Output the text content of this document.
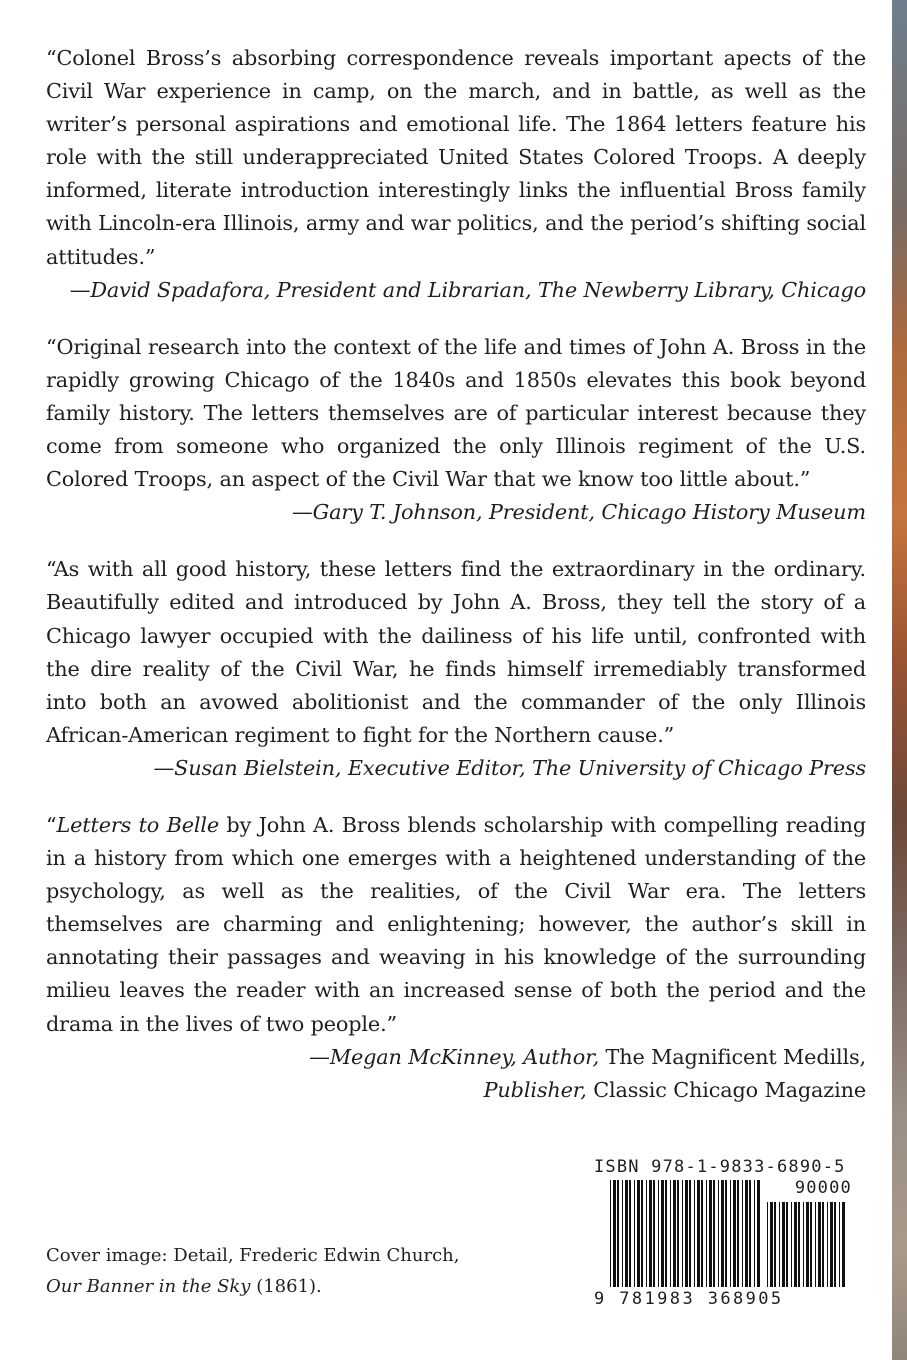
“Colonel Bross’s absorbing correspondence reveals important apects of the Civil War experience in camp, on the march, and in battle, as well as the writer’s personal aspirations and emotional life. The 1864 letters feature his role with the still underappreciated United States Colored Troops. A deeply informed, literate introduction interestingly links the influential Bross family with Lincoln-era Illinois, army and war politics, and the period’s shifting social attitudes.”

—David Spadafora, President and Librarian, The Newberry Library, Chicago

“Original research into the context of the life and times of John A. Bross in the rapidly growing Chicago of the 1840s and 1850s elevates this book beyond family history. The letters themselves are of particular interest because they come from someone who organized the only Illinois regiment of the U.S. Colored Troops, an aspect of the Civil War that we know too little about.”

—Gary T. Johnson, President, Chicago History Museum

“As with all good history, these letters find the extraordinary in the ordinary. Beautifully edited and introduced by John A. Bross, they tell the story of a Chicago lawyer occupied with the dailiness of his life until, confronted with the dire reality of the Civil War, he finds himself irremediably transformed into both an avowed abolitionist and the commander of the only Illinois African-American regiment to fight for the Northern cause.”

—Susan Bielstein, Executive Editor, The University of Chicago Press

“Letters to Belle by John A. Bross blends scholarship with compelling reading in a history from which one emerges with a heightened understanding of the psychology, as well as the realities, of the Civil War era. The letters themselves are charming and enlightening; however, the author’s skill in annotating their passages and weaving in his knowledge of the surrounding milieu leaves the reader with an increased sense of both the period and the drama in the lives of two people.”

—Megan McKinney, Author, The Magnificent Medills,

Publisher, Classic Chicago Magazine

Cover image: Detail, Frederic Edwin Church,
Our Banner in the Sky (1861).
ISBN 978-1-9833-6890-5
90000
9 781983 368905
